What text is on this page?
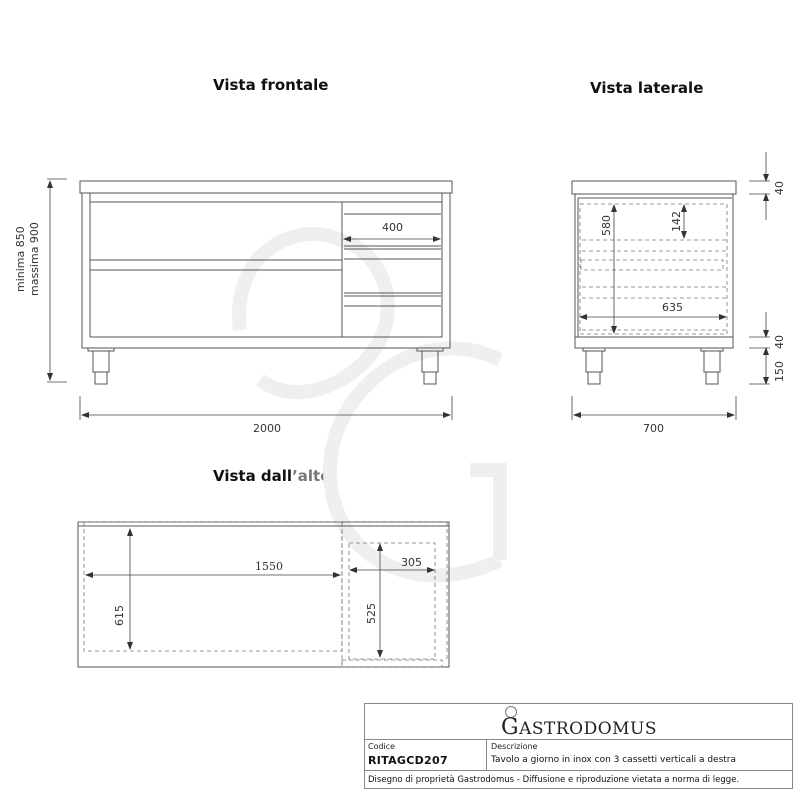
Vista frontale	Vista laterale
Vista dall’alto
2000
400
minima 850 massima 900
700
580	142
635
40
40
150
1550
615
305
525
GASTRODOMUS
Codice
RITAGCD207
Descrizione
Tavolo a giorno in inox con 3 cassetti verticali a destra
Disegno di proprietà Gastrodomus - Diffusione e riproduzione vietata a norma di legge.
